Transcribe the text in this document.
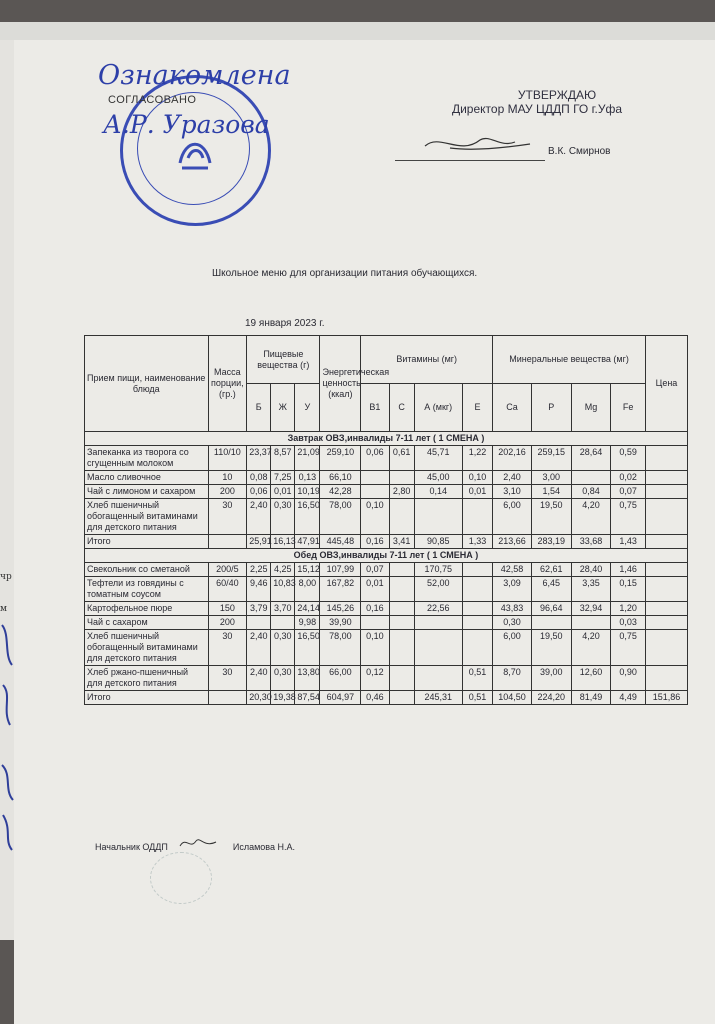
чр
м
СОГЛАСОВАНО
Ознакомлена
А.Р. Уразова
УТВЕРЖДАЮ
Директор МАУ ЦДДП ГО г.Уфа
В.К. Смирнов
Школьное меню для организации питания обучающихся.
19 января 2023 г.
Прием пищи, наименование блюда	Масса порции, (гр.)	Пищевые вещества (г)			Энергетическая ценность (ккал)	Витамины (мг)				Минеральные вещества (мг)				Цена
		Б	Ж	У		В1	С	А (мкг)	Е	Ca	P	Mg	Fe	
Завтрак ОВЗ,инвалиды 7-11 лет ( 1 СМЕНА )														
Запеканка из творога со сгущенным молоком	110/10	23,37	8,57	21,09	259,10	0,06	0,61	45,71	1,22	202,16	259,15	28,64	0,59	
Масло сливочное	10	0,08	7,25	0,13	66,10			45,00	0,10	2,40	3,00		0,02	
Чай с лимоном и сахаром	200	0,06	0,01	10,19	42,28		2,80	0,14	0,01	3,10	1,54	0,84	0,07	
Хлеб пшеничный обогащенный витаминами для детского питания	30	2,40	0,30	16,50	78,00	0,10				6,00	19,50	4,20	0,75	
Итого		25,91	16,13	47,91	445,48	0,16	3,41	90,85	1,33	213,66	283,19	33,68	1,43	
Обед ОВЗ,инвалиды 7-11 лет ( 1 СМЕНА )														
Свекольник со сметаной	200/5	2,25	4,25	15,12	107,99	0,07		170,75		42,58	62,61	28,40	1,46	
Тефтели из говядины с томатным соусом	60/40	9,46	10,83	8,00	167,82	0,01		52,00		3,09	6,45	3,35	0,15	
Картофельное пюре	150	3,79	3,70	24,14	145,26	0,16		22,56		43,83	96,64	32,94	1,20	
Чай с сахаром	200			9,98	39,90					0,30			0,03	
Хлеб пшеничный обогащенный витаминами для детского питания	30	2,40	0,30	16,50	78,00	0,10				6,00	19,50	4,20	0,75	
Хлеб ржано-пшеничный для детского питания	30	2,40	0,30	13,80	66,00	0,12			0,51	8,70	39,00	12,60	0,90	
Итого		20,30	19,38	87,54	604,97	0,46		245,31	0,51	104,50	224,20	81,49	4,49	151,86
Начальник ОДДП	Исламова Н.А.
